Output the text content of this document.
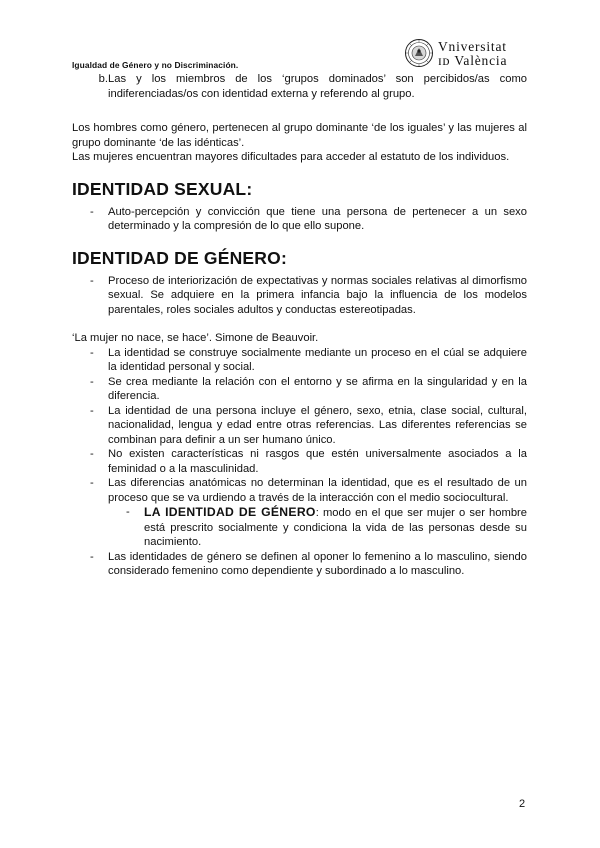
Igualdad de Género y no Discriminación.
Vniversitat
ɪᴅ València
b. Las y los miembros de los ‘grupos dominados’ son percibidos/as como indiferenciadas/os con identidad externa y referendo al grupo.

Los hombres como género, pertenecen al grupo dominante ‘de los iguales’ y las mujeres al grupo dominante ‘de las idénticas’.

Las mujeres encuentran mayores dificultades para acceder al estatuto de los individuos.

IDENTIDAD SEXUAL:
-	Auto-percepción y convicción que tiene una persona de pertenecer a un sexo determinado y la compresión de lo que ello supone.
IDENTIDAD DE GÉNERO:
-	Proceso de interiorización de expectativas y normas sociales relativas al dimorfismo sexual. Se adquiere en la primera infancia bajo la influencia de los modelos parentales, roles sociales adultos y conductas estereotipadas.

‘La mujer no nace, se hace’. Simone de Beauvoir.

-	La identidad se construye socialmente mediante un proceso en el cúal se adquiere la identidad personal y social.
-	Se crea mediante la relación con el entorno y se afirma en la singularidad y en la diferencia.
-	La identidad de una persona incluye el género, sexo, etnia, clase social, cultural, nacionalidad, lengua y edad entre otras referencias. Las diferentes referencias se combinan para definir a un ser humano único.
-	No existen características ni rasgos que estén universalmente asociados a la feminidad o a la masculinidad.
-	Las diferencias anatómicas no determinan la identidad, que es el resultado de un proceso que se va urdiendo a través de la interacción con el medio sociocultural.
-	LA IDENTIDAD DE GÉNERO: modo en el que ser mujer o ser hombre está prescrito socialmente y condiciona la vida de las personas desde su nacimiento.
-	Las identidades de género se definen al oponer lo femenino a lo masculino, siendo considerado femenino como dependiente y subordinado a lo masculino.
2
